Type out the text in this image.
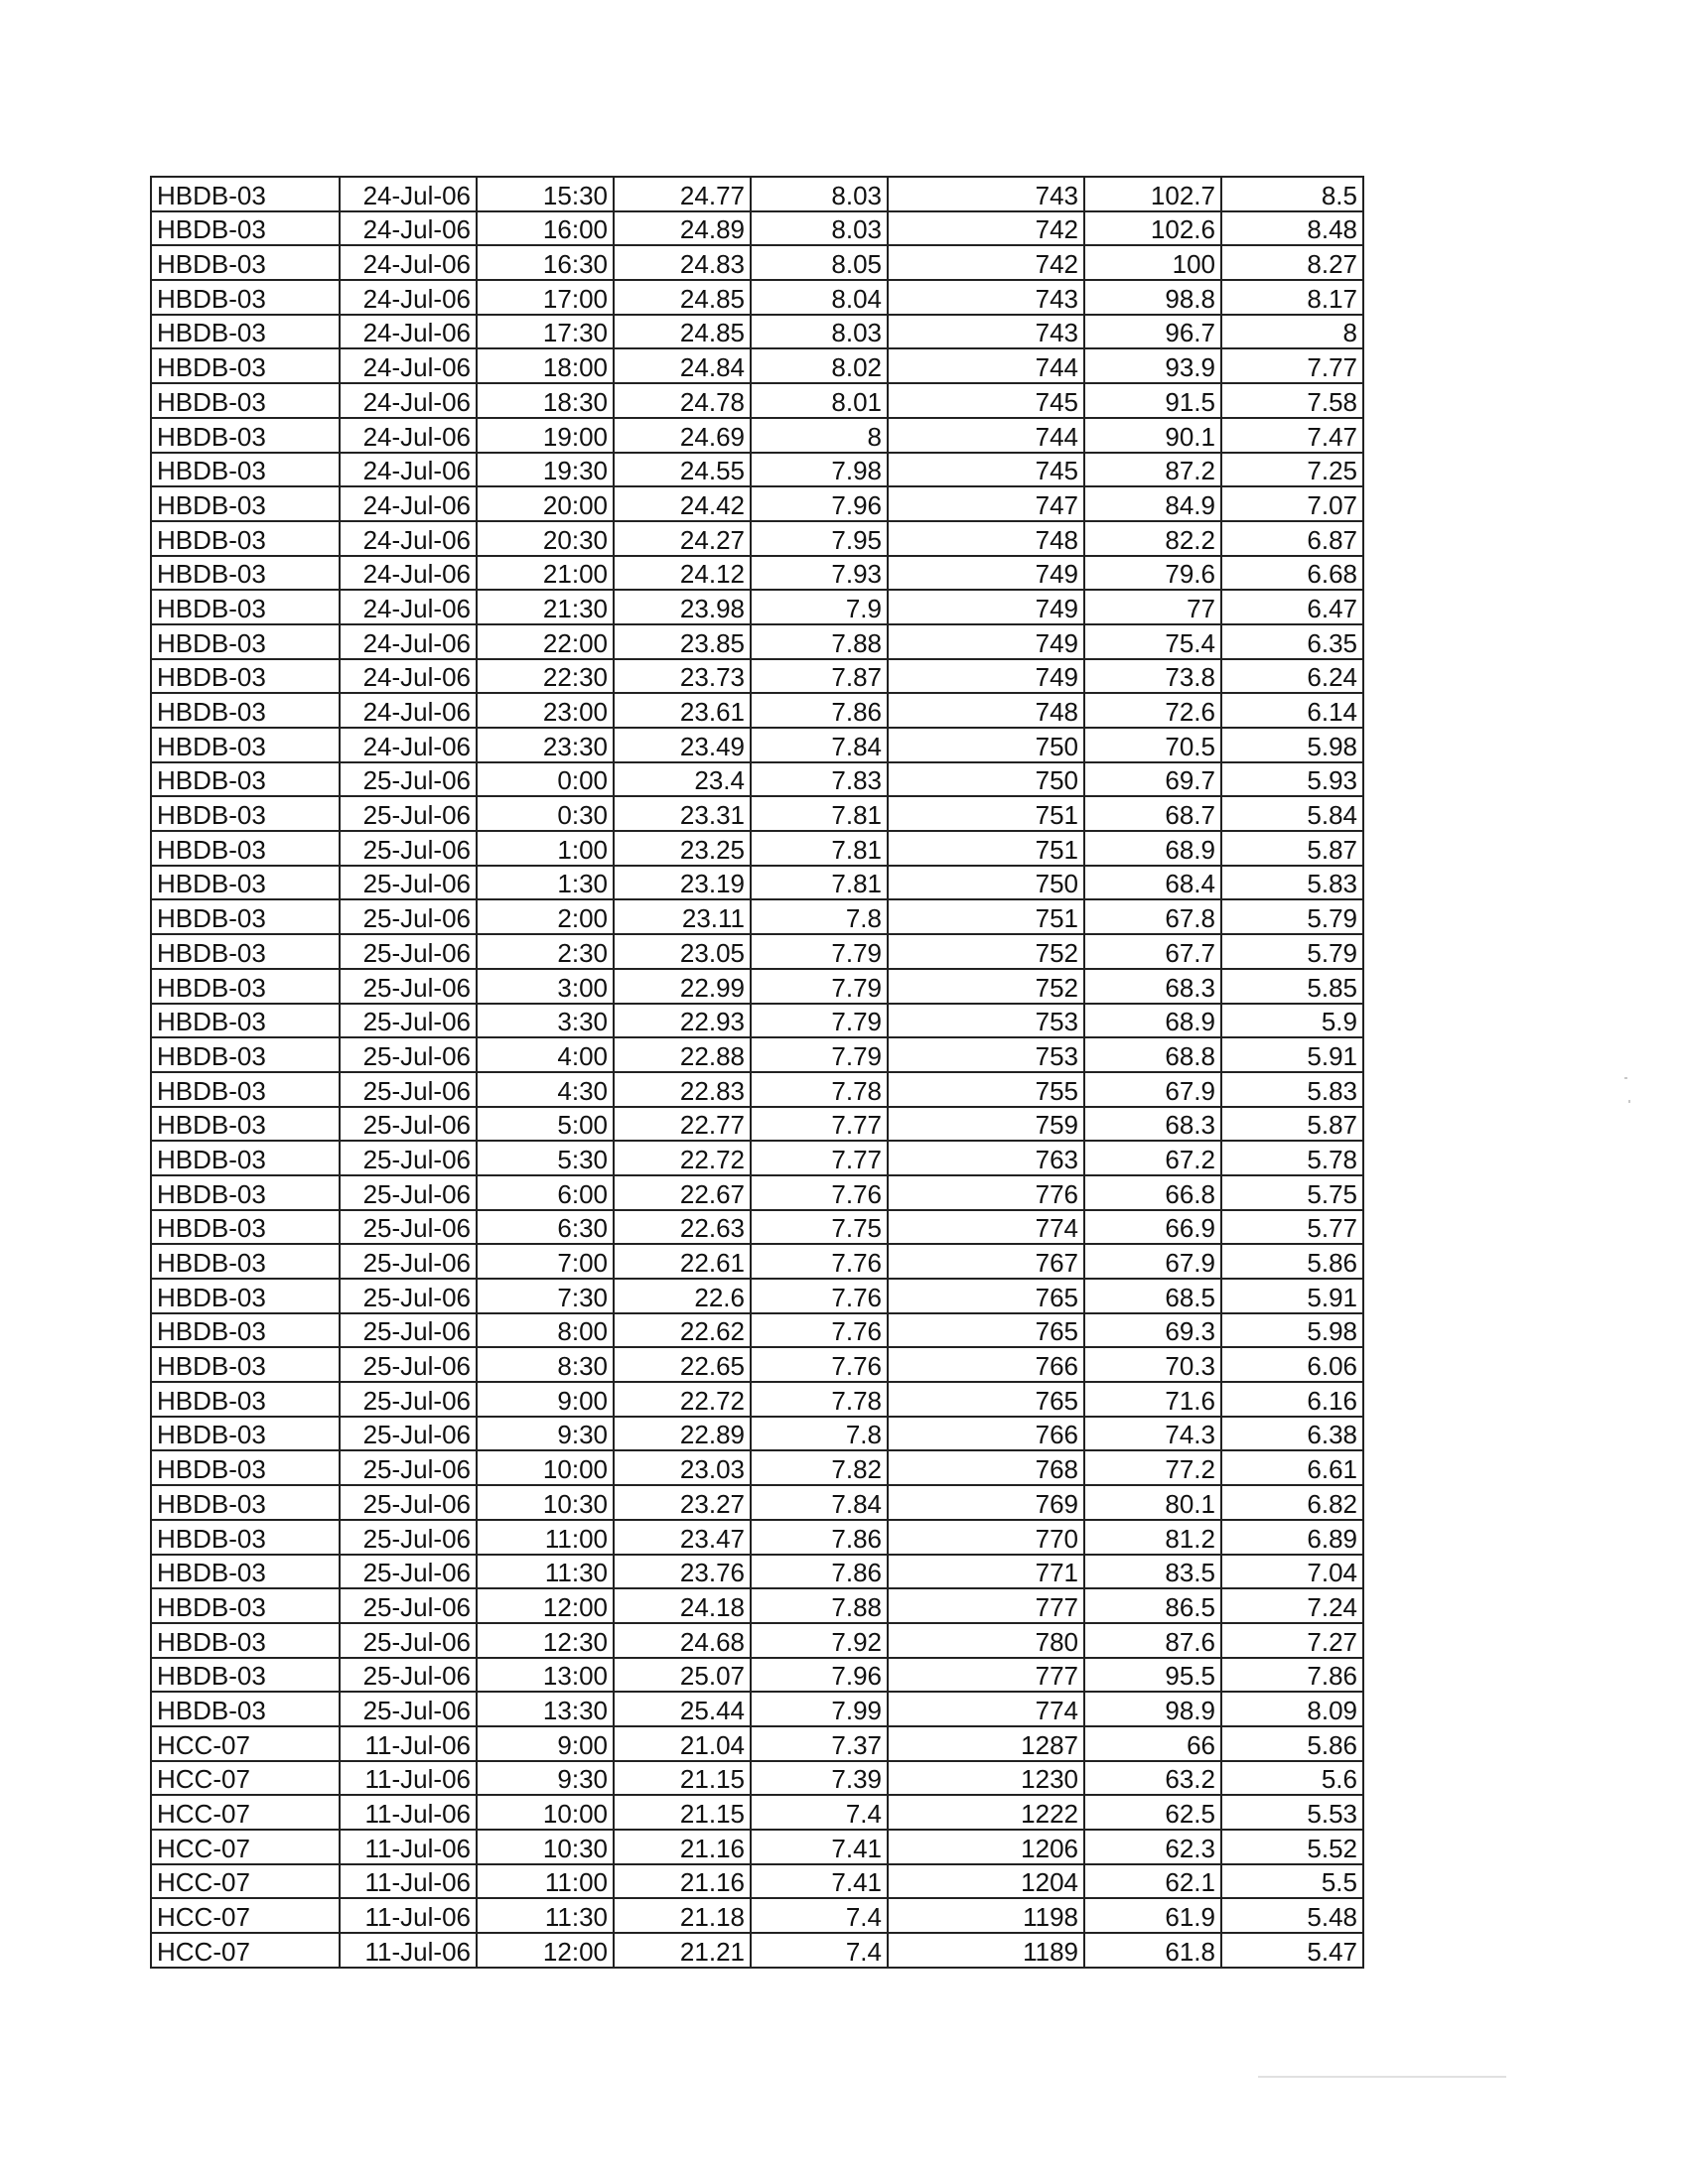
HBDB-03	24-Jul-06	15:30	24.77	8.03	743	102.7	8.5
HBDB-03	24-Jul-06	16:00	24.89	8.03	742	102.6	8.48
HBDB-03	24-Jul-06	16:30	24.83	8.05	742	100	8.27
HBDB-03	24-Jul-06	17:00	24.85	8.04	743	98.8	8.17
HBDB-03	24-Jul-06	17:30	24.85	8.03	743	96.7	8
HBDB-03	24-Jul-06	18:00	24.84	8.02	744	93.9	7.77
HBDB-03	24-Jul-06	18:30	24.78	8.01	745	91.5	7.58
HBDB-03	24-Jul-06	19:00	24.69	8	744	90.1	7.47
HBDB-03	24-Jul-06	19:30	24.55	7.98	745	87.2	7.25
HBDB-03	24-Jul-06	20:00	24.42	7.96	747	84.9	7.07
HBDB-03	24-Jul-06	20:30	24.27	7.95	748	82.2	6.87
HBDB-03	24-Jul-06	21:00	24.12	7.93	749	79.6	6.68
HBDB-03	24-Jul-06	21:30	23.98	7.9	749	77	6.47
HBDB-03	24-Jul-06	22:00	23.85	7.88	749	75.4	6.35
HBDB-03	24-Jul-06	22:30	23.73	7.87	749	73.8	6.24
HBDB-03	24-Jul-06	23:00	23.61	7.86	748	72.6	6.14
HBDB-03	24-Jul-06	23:30	23.49	7.84	750	70.5	5.98
HBDB-03	25-Jul-06	0:00	23.4	7.83	750	69.7	5.93
HBDB-03	25-Jul-06	0:30	23.31	7.81	751	68.7	5.84
HBDB-03	25-Jul-06	1:00	23.25	7.81	751	68.9	5.87
HBDB-03	25-Jul-06	1:30	23.19	7.81	750	68.4	5.83
HBDB-03	25-Jul-06	2:00	23.11	7.8	751	67.8	5.79
HBDB-03	25-Jul-06	2:30	23.05	7.79	752	67.7	5.79
HBDB-03	25-Jul-06	3:00	22.99	7.79	752	68.3	5.85
HBDB-03	25-Jul-06	3:30	22.93	7.79	753	68.9	5.9
HBDB-03	25-Jul-06	4:00	22.88	7.79	753	68.8	5.91
HBDB-03	25-Jul-06	4:30	22.83	7.78	755	67.9	5.83
HBDB-03	25-Jul-06	5:00	22.77	7.77	759	68.3	5.87
HBDB-03	25-Jul-06	5:30	22.72	7.77	763	67.2	5.78
HBDB-03	25-Jul-06	6:00	22.67	7.76	776	66.8	5.75
HBDB-03	25-Jul-06	6:30	22.63	7.75	774	66.9	5.77
HBDB-03	25-Jul-06	7:00	22.61	7.76	767	67.9	5.86
HBDB-03	25-Jul-06	7:30	22.6	7.76	765	68.5	5.91
HBDB-03	25-Jul-06	8:00	22.62	7.76	765	69.3	5.98
HBDB-03	25-Jul-06	8:30	22.65	7.76	766	70.3	6.06
HBDB-03	25-Jul-06	9:00	22.72	7.78	765	71.6	6.16
HBDB-03	25-Jul-06	9:30	22.89	7.8	766	74.3	6.38
HBDB-03	25-Jul-06	10:00	23.03	7.82	768	77.2	6.61
HBDB-03	25-Jul-06	10:30	23.27	7.84	769	80.1	6.82
HBDB-03	25-Jul-06	11:00	23.47	7.86	770	81.2	6.89
HBDB-03	25-Jul-06	11:30	23.76	7.86	771	83.5	7.04
HBDB-03	25-Jul-06	12:00	24.18	7.88	777	86.5	7.24
HBDB-03	25-Jul-06	12:30	24.68	7.92	780	87.6	7.27
HBDB-03	25-Jul-06	13:00	25.07	7.96	777	95.5	7.86
HBDB-03	25-Jul-06	13:30	25.44	7.99	774	98.9	8.09
HCC-07	11-Jul-06	9:00	21.04	7.37	1287	66	5.86
HCC-07	11-Jul-06	9:30	21.15	7.39	1230	63.2	5.6
HCC-07	11-Jul-06	10:00	21.15	7.4	1222	62.5	5.53
HCC-07	11-Jul-06	10:30	21.16	7.41	1206	62.3	5.52
HCC-07	11-Jul-06	11:00	21.16	7.41	1204	62.1	5.5
HCC-07	11-Jul-06	11:30	21.18	7.4	1198	61.9	5.48
HCC-07	11-Jul-06	12:00	21.21	7.4	1189	61.8	5.47
